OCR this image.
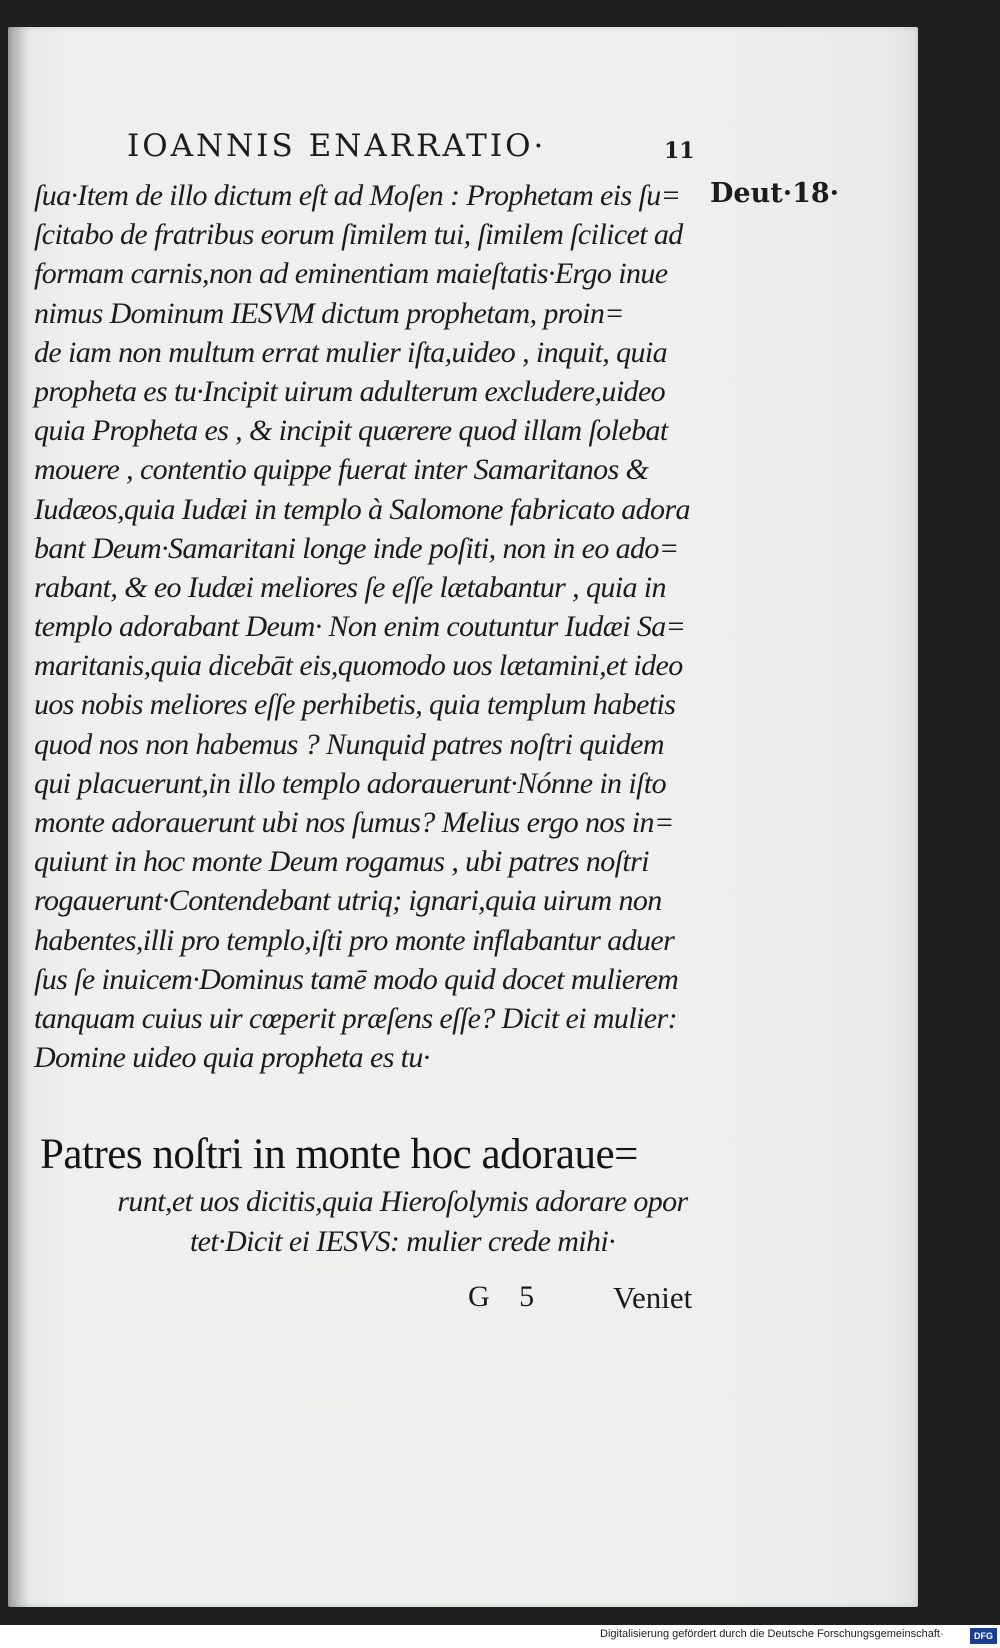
IOANNIS ENARRATIO·	11
Deut·18·
ſua·Item de illo dictum eſt ad Moſen : Prophetam eis ſu=
ſcitabo de fratribus eorum ſimilem tui, ſimilem ſcilicet ad
formam carnis,non ad eminentiam maieſtatis·Ergo inue
nimus Dominum IESVM dictum prophetam, proin=
de iam non multum errat mulier iſta,uideo , inquit, quia
propheta es tu·Incipit uirum adulterum excludere,uideo
quia Propheta es , & incipit quærere quod illam ſolebat
mouere , contentio quippe fuerat inter Samaritanos &
Iudæos,quia Iudæi in templo à Salomone fabricato adora
bant Deum·Samaritani longe inde poſiti, non in eo ado=
rabant, & eo Iudæi meliores ſe eſſe lætabantur , quia in
templo adorabant Deum· Non enim coutuntur Iudæi Sa=
maritanis,quia dicebāt eis,quomodo uos lætamini,et ideo
uos nobis meliores eſſe perhibetis, quia templum habetis
quod nos non habemus ? Nunquid patres noſtri quidem
qui placuerunt,in illo templo adorauerunt·Nónne in iſto
monte adorauerunt ubi nos ſumus? Melius ergo nos in=
quiunt in hoc monte Deum rogamus , ubi patres noſtri
rogauerunt·Contendebant utriq; ignari,quia uirum non
habentes,illi pro templo,iſti pro monte inflabantur aduer
ſus ſe inuicem·Dominus tamē modo quid docet mulierem
tanquam cuius uir cœperit præſens eſſe? Dicit ei mulier:
Domine uideo quia propheta es tu·
Patres noſtri in monte hoc adoraue=
runt,et uos dicitis,quia Hieroſolymis adorare opor
tet·Dicit ei IESVS: mulier crede mihi·
G 5	Veniet
Digitalisierung gefördert durch die Deutsche Forschungsgemeinschaft·	DFG
